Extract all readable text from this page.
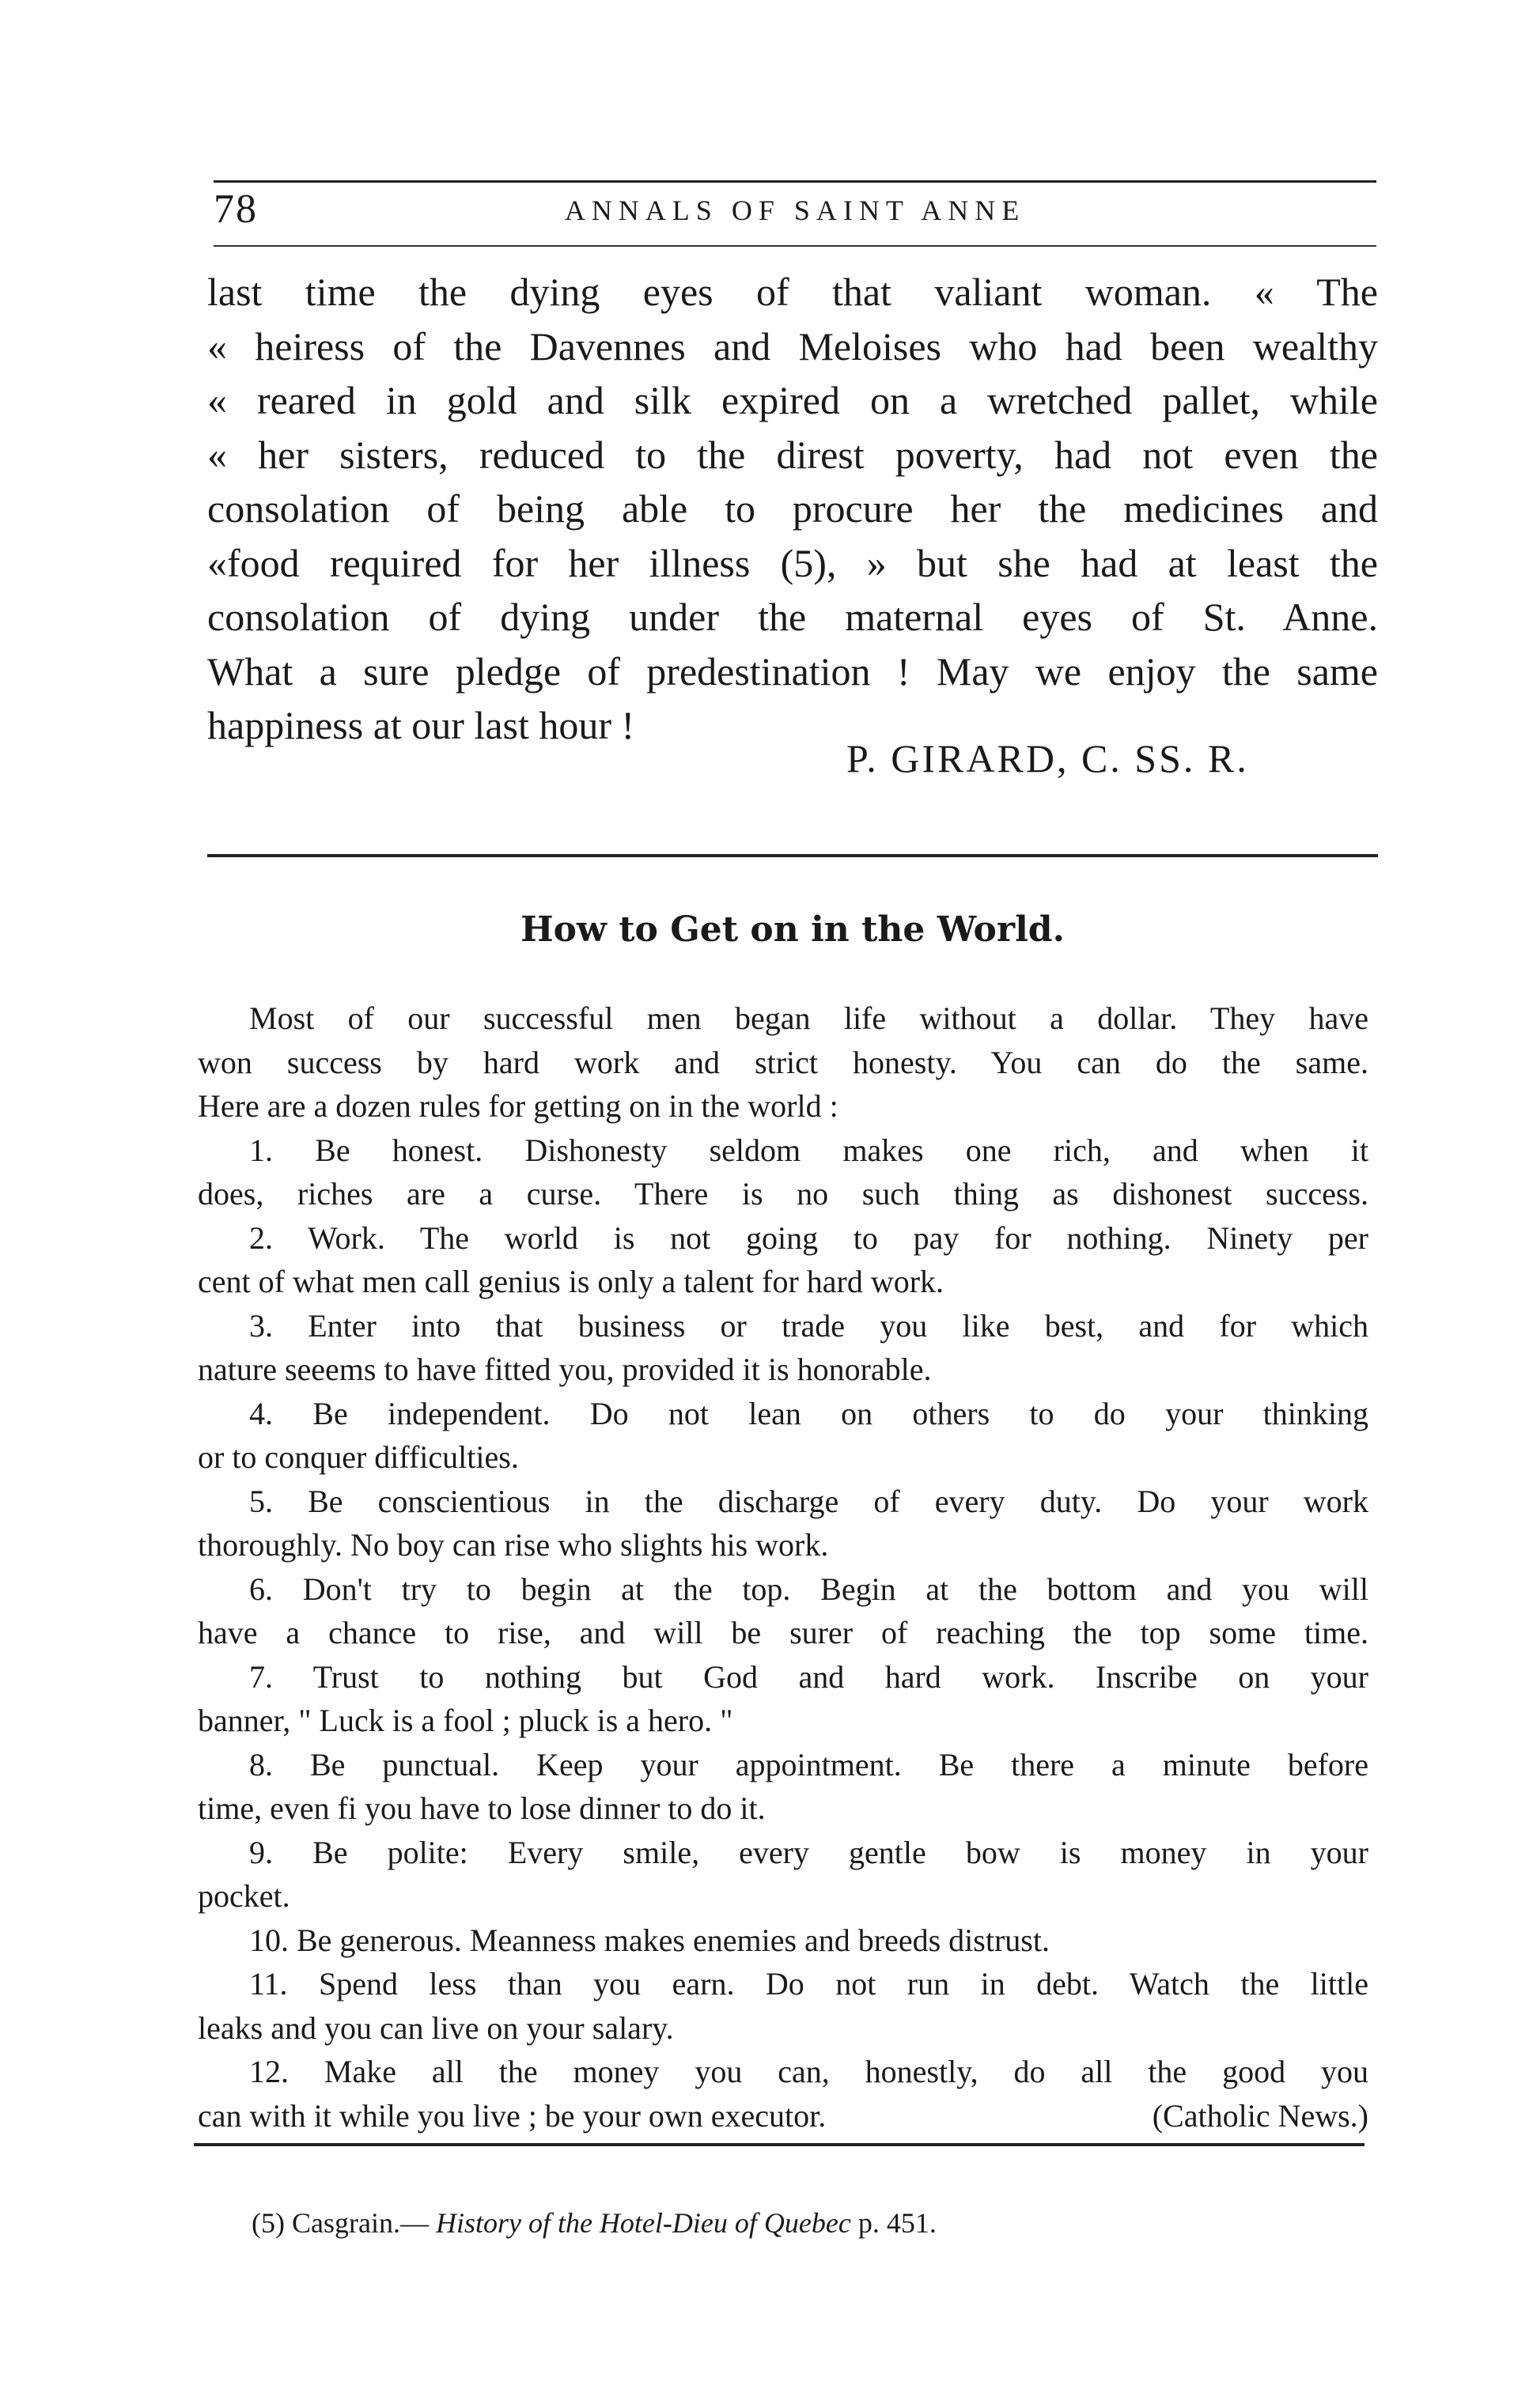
78	ANNALS OF SAINT ANNE
last time the dying eyes of that valiant woman. « The
« heiress of the Davennes and Meloises who had been wealthy
« reared in gold and silk expired on a wretched pallet, while
« her sisters, reduced to the direst poverty, had not even the
consolation of being able to procure her the medicines and
«food required for her illness (5), » but she had at least the
consolation of dying under the maternal eyes of St. Anne.
What a sure pledge of predestination ! May we enjoy the same
happiness at our last hour !
P. GIRARD, C. SS. R.
How to Get on in the World.
Most of our successful men began life without a dollar. They have
won success by hard work and strict honesty. You can do the same.
Here are a dozen rules for getting on in the world :
1. Be honest. Dishonesty seldom makes one rich, and when it
does, riches are a curse. There is no such thing as dishonest success.
2. Work. The world is not going to pay for nothing. Ninety per
cent of what men call genius is only a talent for hard work.
3. Enter into that business or trade you like best, and for which
nature seeems to have fitted you, provided it is honorable.
4. Be independent. Do not lean on others to do your thinking
or to conquer difficulties.
5. Be conscientious in the discharge of every duty. Do your work
thoroughly. No boy can rise who slights his work.
6. Don't try to begin at the top. Begin at the bottom and you will
have a chance to rise, and will be surer of reaching the top some time.
7. Trust to nothing but God and hard work. Inscribe on your
banner, " Luck is a fool ; pluck is a hero. "
8. Be punctual. Keep your appointment. Be there a minute before
time, even fi you have to lose dinner to do it.
9. Be polite: Every smile, every gentle bow is money in your
pocket.
10. Be generous. Meanness makes enemies and breeds distrust.
11. Spend less than you earn. Do not run in debt. Watch the little
leaks and you can live on your salary.
12. Make all the money you can, honestly, do all the good you
can with it while you live ; be your own executor.	(Catholic News.)
(5) Casgrain.— History of the Hotel-Dieu of Quebec p. 451.
